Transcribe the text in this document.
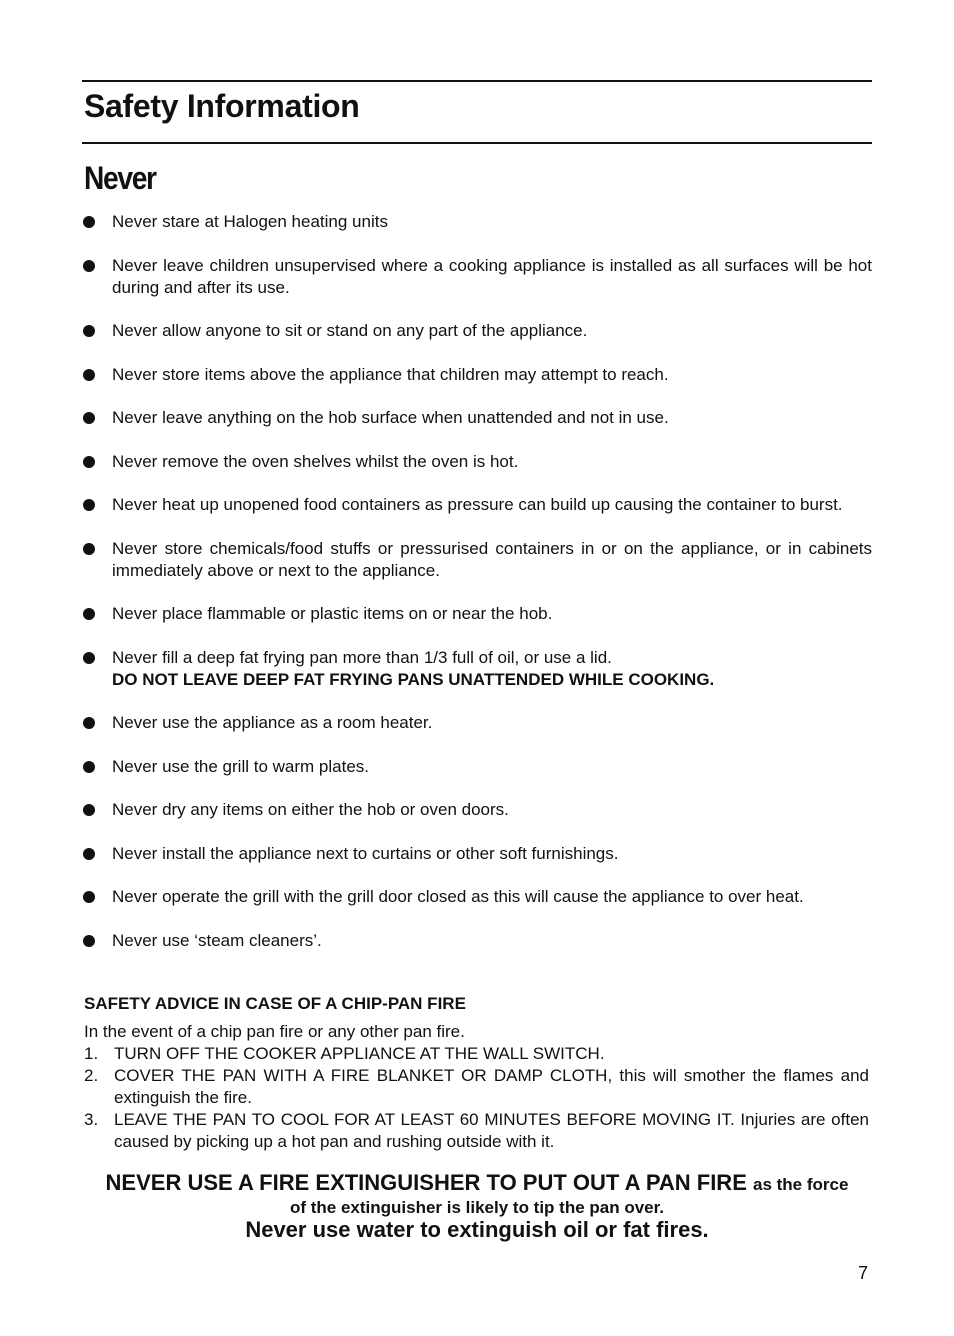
Safety Information
Never
Never stare at Halogen heating units
Never leave children unsupervised where a cooking appliance is installed as all surfaces will be hot during and after its use.
Never allow anyone to sit or stand on any part of the appliance.
Never store items above the appliance that children may attempt to reach.
Never leave anything on the hob surface when unattended and not in use.
Never remove the oven shelves whilst the oven is hot.
Never heat up unopened food containers as pressure can build up causing the container to burst.
Never store chemicals/food stuffs or pressurised containers in or on the appliance, or in cabinets immediately above or next to the appliance.
Never place flammable or plastic items on or near the hob.
Never fill a deep fat frying pan more than 1/3 full of oil, or use a lid.
DO NOT LEAVE DEEP FAT FRYING PANS UNATTENDED WHILE COOKING.
Never use the appliance as a room heater.
Never use the grill to warm plates.
Never dry any items on either the hob or oven doors.
Never install the appliance next to curtains or other soft furnishings.
Never operate the grill with the grill door closed as this will cause the appliance to over heat.
Never use ‘steam cleaners’.
SAFETY ADVICE IN CASE OF A CHIP-PAN FIRE
In the event of a chip pan fire or any other pan fire.
1. TURN OFF THE COOKER APPLIANCE AT THE WALL SWITCH.
2. COVER THE PAN WITH A FIRE BLANKET OR DAMP CLOTH, this will smother the flames and extinguish the fire.
3. LEAVE THE PAN TO COOL FOR AT LEAST 60 MINUTES BEFORE MOVING IT. Injuries are often caused by picking up a hot pan and rushing outside with it.
NEVER USE A FIRE EXTINGUISHER TO PUT OUT A PAN FIRE as the force
of the extinguisher is likely to tip the pan over.
Never use water to extinguish oil or fat fires.
7
